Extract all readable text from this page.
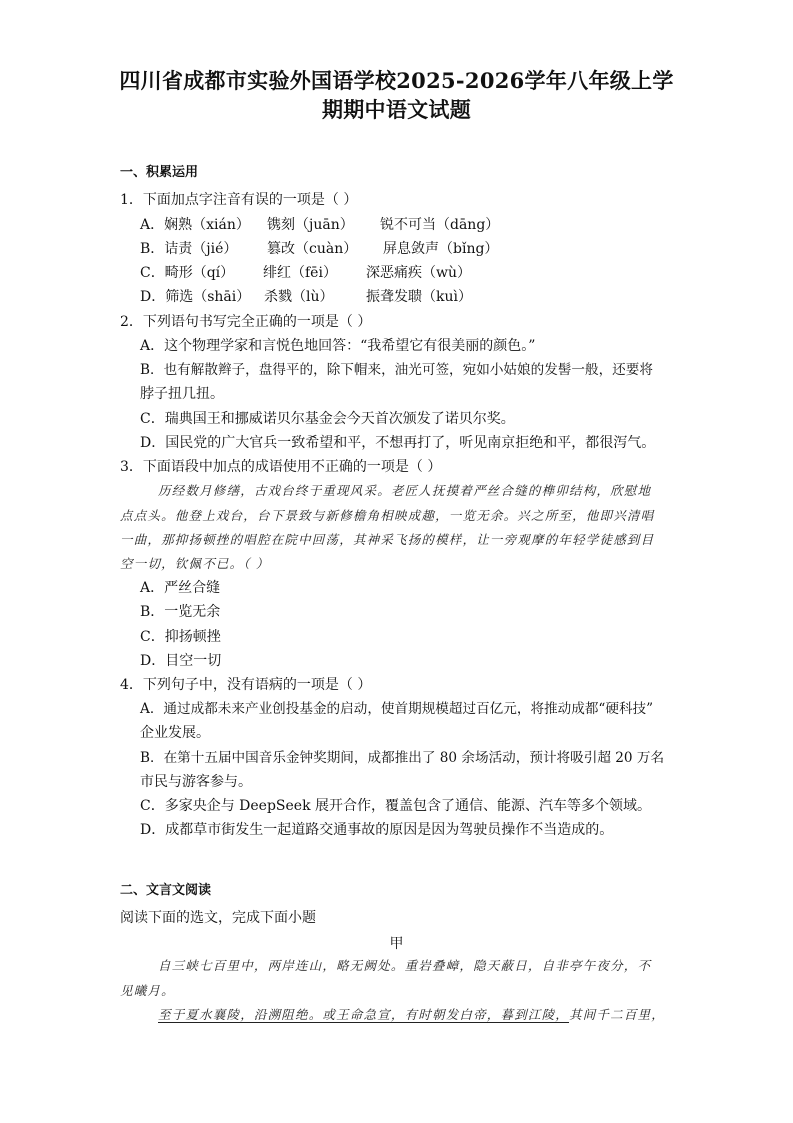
四川省成都市实验外国语学校2025-2026学年八年级上学
期期中语文试题
一、积累运用
1．下面加点字注音有误的一项是（ ）
A．娴熟（xián） 镌刻（juān） 锐不可当（dāng）
B．诘责（jié） 篡改（cuàn） 屏息敛声（bǐng）
C．畸形（qí） 绯红（fēi） 深恶痛疾（wù）
D．筛选（shāi） 杀戮（lù） 振聋发聩（kuì）
2．下列语句书写完全正确的一项是（ ）
A．这个物理学家和言悦色地回答：“我希望它有很美丽的颜色。”
B．也有解散辫子，盘得平的，除下帽来，油光可签，宛如小姑娘的发髻一般，还要将
脖子扭几扭。
C．瑞典国王和挪威诺贝尔基金会今天首次颁发了诺贝尔奖。
D．国民党的广大官兵一致希望和平，不想再打了，听见南京拒绝和平，都很泻气。
3．下面语段中加点的成语使用不正确的一项是（ ）
历经数月修缮，古戏台终于重现风采。老匠人抚摸着严丝合缝的榫卯结构，欣慰地
点点头。他登上戏台，台下景致与新修檐角相映成趣，一览无余。兴之所至，他即兴清唱
一曲，那抑扬顿挫的唱腔在院中回荡，其神采飞扬的模样，让一旁观摩的年轻学徒感到目
空一切，钦佩不已。（ ）
A．严丝合缝
B．一览无余
C．抑扬顿挫
D．目空一切
4．下列句子中，没有语病的一项是（ ）
A．通过成都未来产业创投基金的启动，使首期规模超过百亿元，将推动成都“硬科技”
企业发展。
B．在第十五届中国音乐金钟奖期间，成都推出了 80 余场活动，预计将吸引超 20 万名
市民与游客参与。
C．多家央企与 DeepSeek 展开合作，覆盖包含了通信、能源、汽车等多个领域。
D．成都草市街发生一起道路交通事故的原因是因为驾驶员操作不当造成的。
二、文言文阅读
阅读下面的选文，完成下面小题
甲
自三峡七百里中，两岸连山，略无阙处。重岩叠嶂，隐天蔽日，自非亭午夜分，不
见曦月。
至于夏水襄陵，沿溯阻绝。或王命急宣，有时朝发白帝，暮到江陵，其间千二百里，
